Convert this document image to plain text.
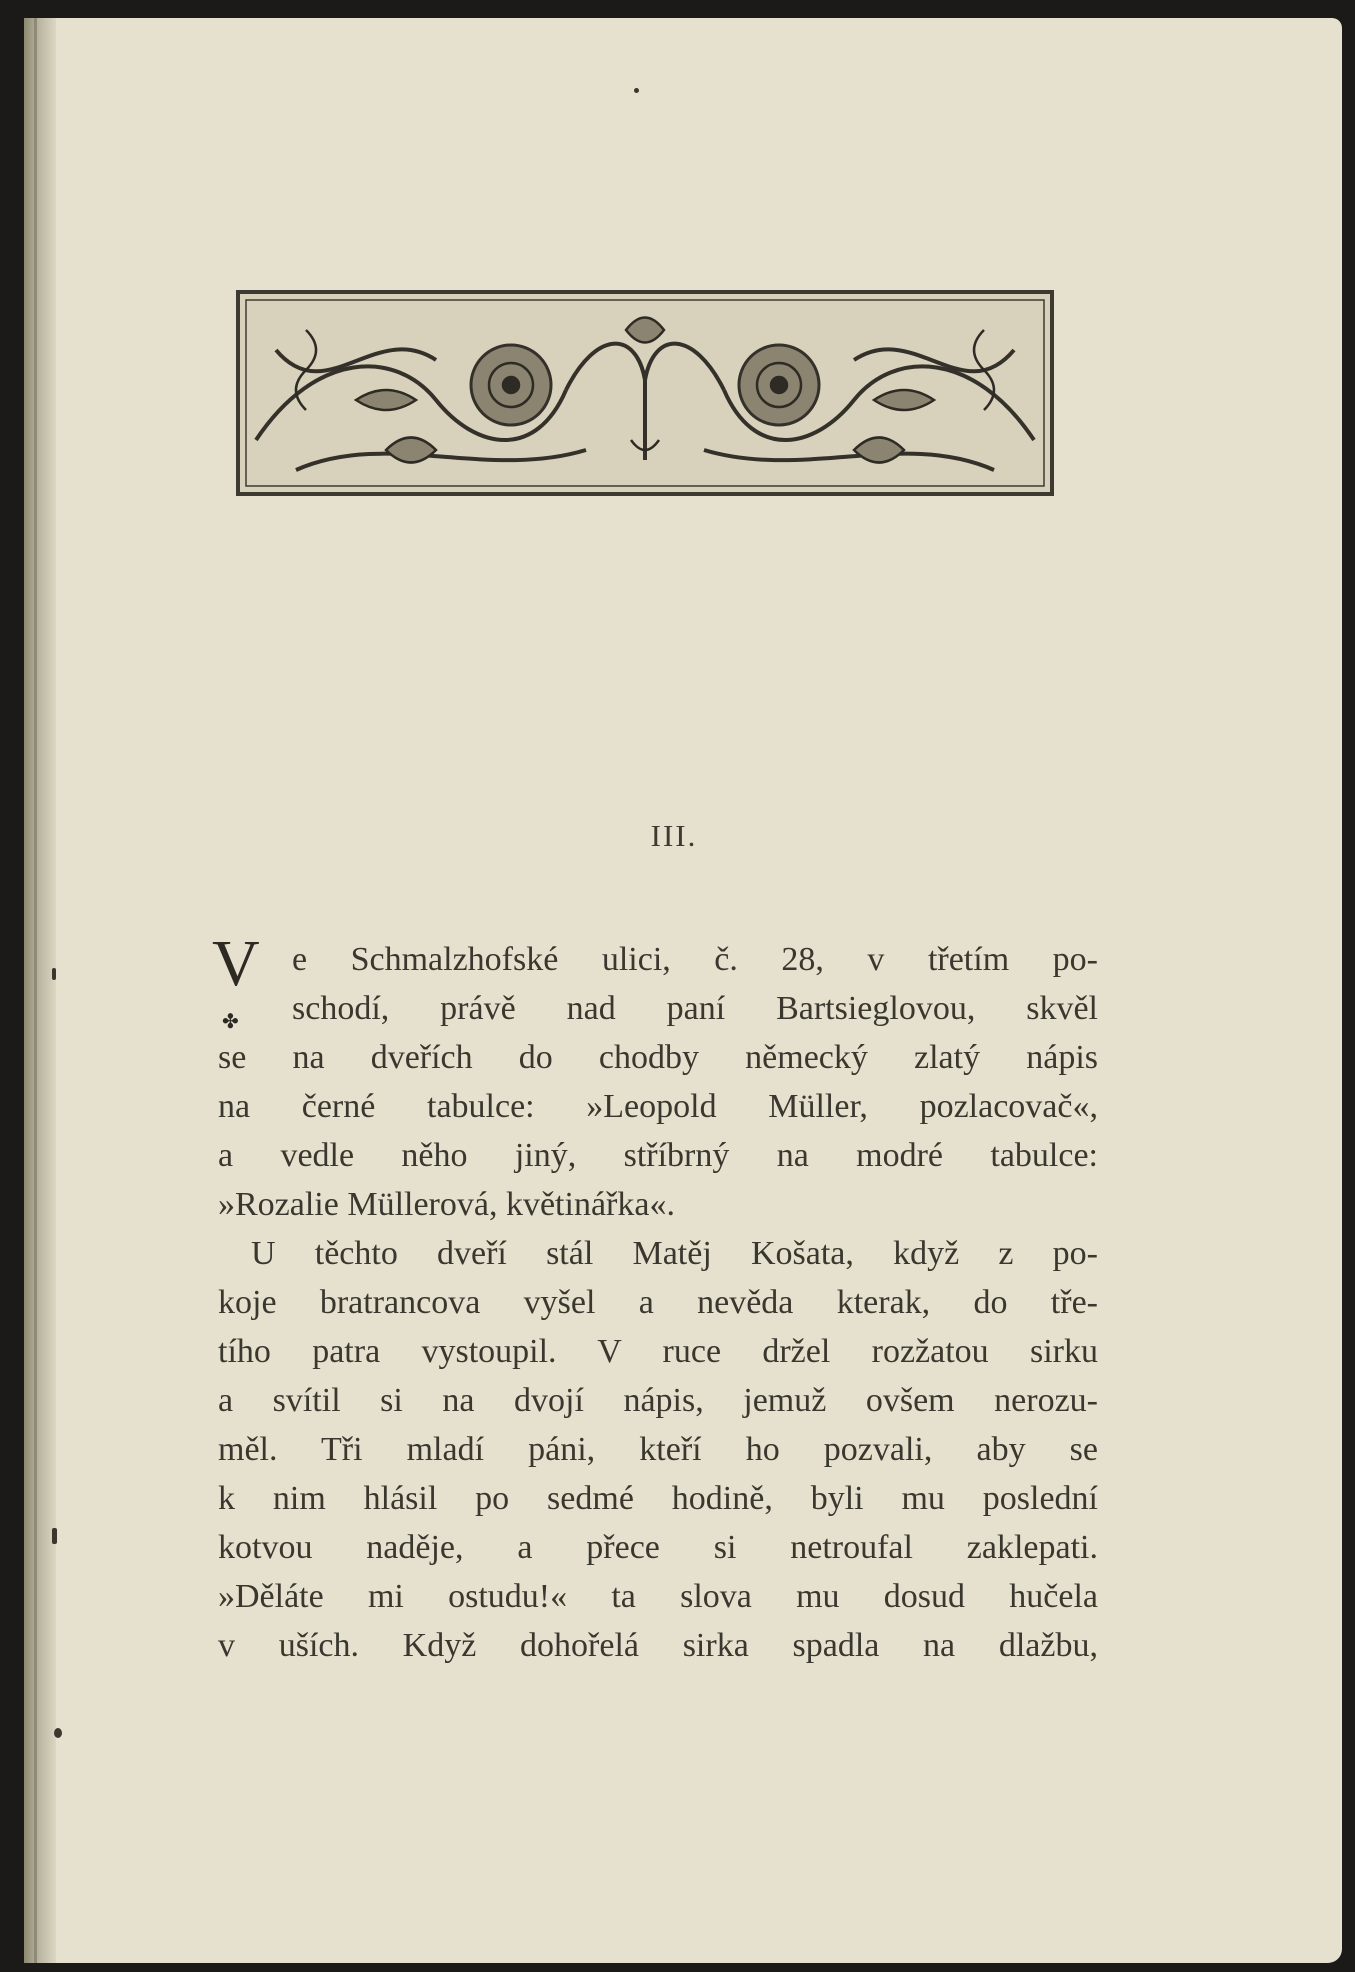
III.
V
✤
e Schmalzhofské ulici, č. 28, v třetím po-
schodí, právě nad paní Bartsieglovou, skvěl
se na dveřích do chodby německý zlatý nápis
na černé tabulce: »Leopold Müller, pozlacovač«,
a vedle něho jiný, stříbrný na modré tabulce:
»Rozalie Müllerová, květinářka«.
U těchto dveří stál Matěj Košata, když z po-
koje bratrancova vyšel a nevěda kterak, do tře-
tího patra vystoupil. V ruce držel rozžatou sirku
a svítil si na dvojí nápis, jemuž ovšem nerozu-
měl. Tři mladí páni, kteří ho pozvali, aby se
k nim hlásil po sedmé hodině, byli mu poslední
kotvou naděje, a přece si netroufal zaklepati.
»Děláte mi ostudu!« ta slova mu dosud hučela
v uších. Když dohořelá sirka spadla na dlažbu,
